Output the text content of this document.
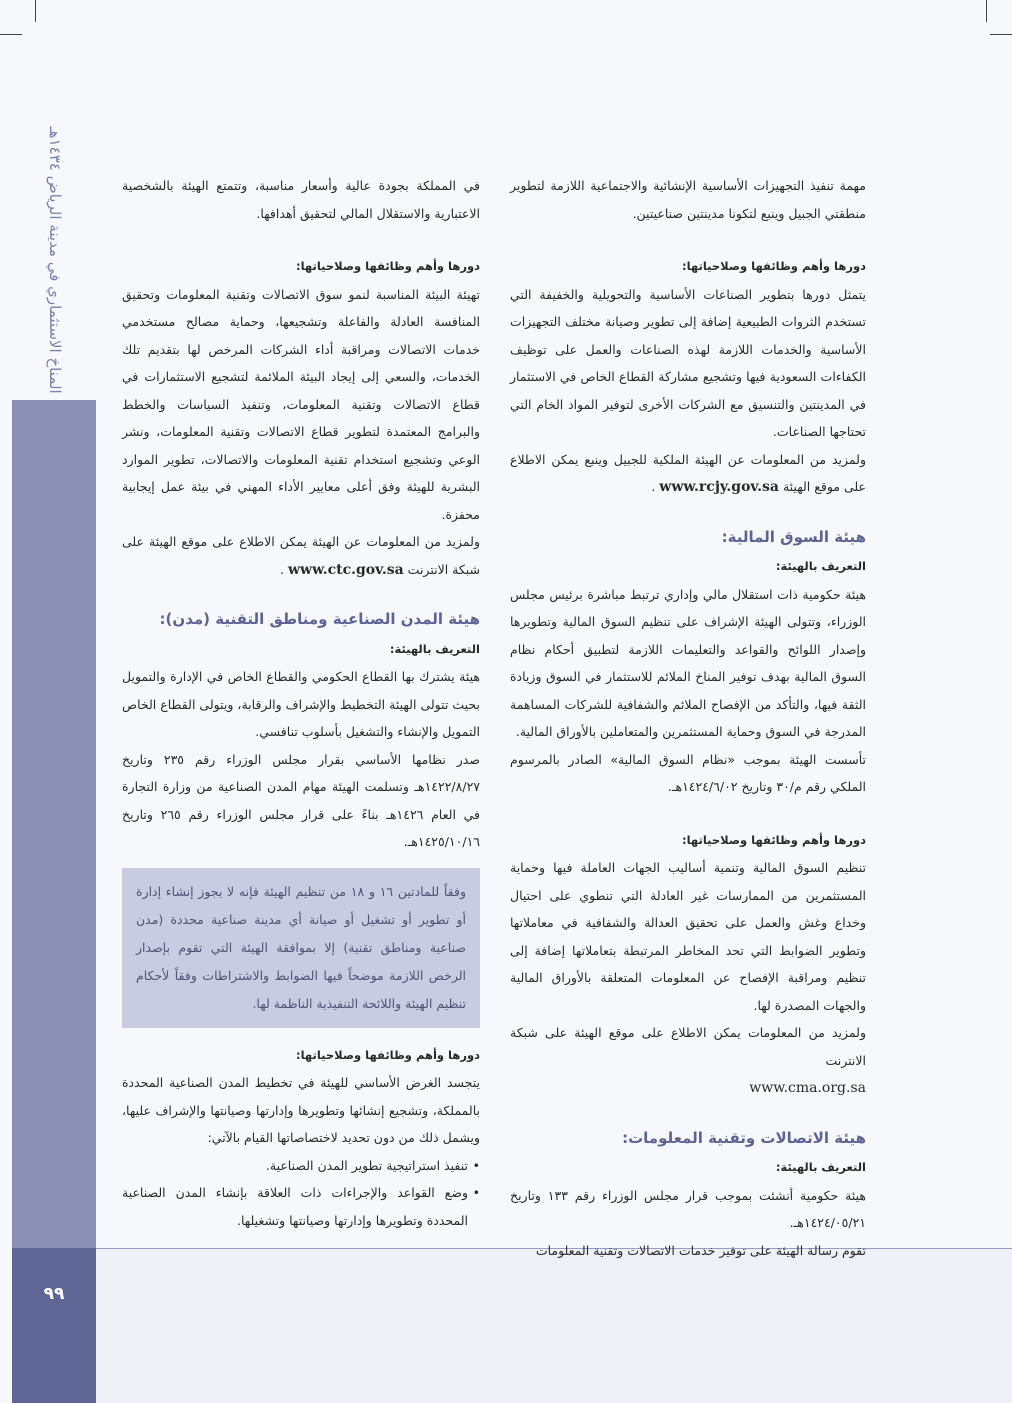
المناخ الاستثماري في مدينة الرياض ١٤٣٤هـ
٩٩

مهمة تنفيذ التجهيزات الأساسية الإنشائية والاجتماعية اللازمة لتطوير منطقتي الجبيل وينبع لتكونا مدينتين صناعيتين.

دورها وأهم وظائفها وصلاحياتها:

يتمثل دورها بتطوير الصناعات الأساسية والتحويلية والخفيفة التي تستخدم الثروات الطبيعية إضافة إلى تطوير وصيانة مختلف التجهيزات الأساسية والخدمات اللازمة لهذه الصناعات والعمل على توظيف الكفاءات السعودية فيها وتشجيع مشاركة القطاع الخاص في الاستثمار في المدينتين والتنسيق مع الشركات الأخرى لتوفير المواد الخام التي تحتاجها الصناعات.

ولمزيد من المعلومات عن الهيئة الملكية للجبيل وينبع يمكن الاطلاع على موقع الهيئة www.rcjy.gov.sa .

هيئة السوق المالية:

التعريف بالهيئة:

هيئة حكومية ذات استقلال مالي وإداري ترتبط مباشرة برئيس مجلس الوزراء، وتتولى الهيئة الإشراف على تنظيم السوق المالية وتطويرها وإصدار اللوائح والقواعد والتعليمات اللازمة لتطبيق أحكام نظام السوق المالية بهدف توفير المناخ الملائم للاستثمار في السوق وزيادة الثقة فيها، والتأكد من الإفصاح الملائم والشفافية للشركات المساهمة المدرجة في السوق وحماية المستثمرين والمتعاملين بالأوراق المالية.

تأسست الهيئة بموجب «نظام السوق المالية» الصادر بالمرسوم الملكي رقم م/٣٠ وتاريخ ١٤٢٤/٦/٠٢هـ.

دورها وأهم وظائفها وصلاحياتها:

تنظيم السوق المالية وتنمية أساليب الجهات العاملة فيها وحماية المستثمرين من الممارسات غير العادلة التي تنطوي على احتيال وخداع وغش والعمل على تحقيق العدالة والشفافية في معاملاتها وتطوير الضوابط التي تحد المخاطر المرتبطة بتعاملاتها إضافة إلى تنظيم ومراقبة الإفصاح عن المعلومات المتعلقة بالأوراق المالية والجهات المصدرة لها.

ولمزيد من المعلومات يمكن الاطلاع على موقع الهيئة على شبكة الانترنت

www.cma.org.sa

هيئة الاتصالات وتقنية المعلومات:

التعريف بالهيئة:

هيئة حكومية أنشئت بموجب قرار مجلس الوزراء رقم ١٣٣ وتاريخ ١٤٢٤/٠٥/٢١هـ.

تقوم رسالة الهيئة على توفير خدمات الاتصالات وتقنية المعلومات

في المملكة بجودة عالية وأسعار مناسبة، وتتمتع الهيئة بالشخصية الاعتبارية والاستقلال المالي لتحقيق أهدافها.

دورها وأهم وظائفها وصلاحياتها:

تهيئة البيئة المناسبة لنمو سوق الاتصالات وتقنية المعلومات وتحقيق المنافسة العادلة والفاعلة وتشجيعها، وحماية مصالح مستخدمي خدمات الاتصالات ومراقبة أداء الشركات المرخص لها بتقديم تلك الخدمات، والسعي إلى إيجاد البيئة الملائمة لتشجيع الاستثمارات في قطاع الاتصالات وتقنية المعلومات، وتنفيذ السياسات والخطط والبرامج المعتمدة لتطوير قطاع الاتصالات وتقنية المعلومات، ونشر الوعي وتشجيع استخدام تقنية المعلومات والاتصالات، تطوير الموارد البشرية للهيئة وفق أعلى معايير الأداء المهني في بيئة عمل إيجابية محفزة.

ولمزيد من المعلومات عن الهيئة يمكن الاطلاع على موقع الهيئة على شبكة الانترنت www.ctc.gov.sa .

هيئة المدن الصناعية ومناطق التقنية (مدن):

التعريف بالهيئة:

هيئة يشترك بها القطاع الحكومي والقطاع الخاص في الإدارة والتمويل بحيث تتولى الهيئة التخطيط والإشراف والرقابة، ويتولى القطاع الخاص التمويل والإنشاء والتشغيل بأسلوب تنافسي.

صدر نظامها الأساسي بقرار مجلس الوزراء رقم ٢٣٥ وتاريخ ١٤٢٢/٨/٢٧هـ وتسلمت الهيئة مهام المدن الصناعية من وزارة التجارة في العام ١٤٢٦هـ بناءً على قرار مجلس الوزراء رقم ٢٦٥ وتاريخ ١٤٢٥/١٠/١٦هـ.

وفقاً للمادتين ١٦ و ١٨ من تنظيم الهيئة فإنه لا يجوز إنشاء إدارة أو تطوير أو تشغيل أو صيانة أي مدينة صناعية محددة (مدن صناعية ومناطق تقنية) إلا بموافقة الهيئة التي تقوم بإصدار الرخص اللازمة موضحاً فيها الضوابط والاشتراطات وفقاً لأحكام تنظيم الهيئة واللائحة التنفيذية الناظمة لها.

دورها وأهم وظائفها وصلاحياتها:

يتجسد الغرض الأساسي للهيئة في تخطيط المدن الصناعية المحددة بالمملكة، وتشجيع إنشائها وتطويرها وإدارتها وصيانتها والإشراف عليها، ويشمل ذلك من دون تحديد لاختصاصاتها القيام بالآتي:

• تنفيذ استراتيجية تطوير المدن الصناعية.
• وضع القواعد والإجراءات ذات العلاقة بإنشاء المدن الصناعية المحددة وتطويرها وإدارتها وصيانتها وتشغيلها.
